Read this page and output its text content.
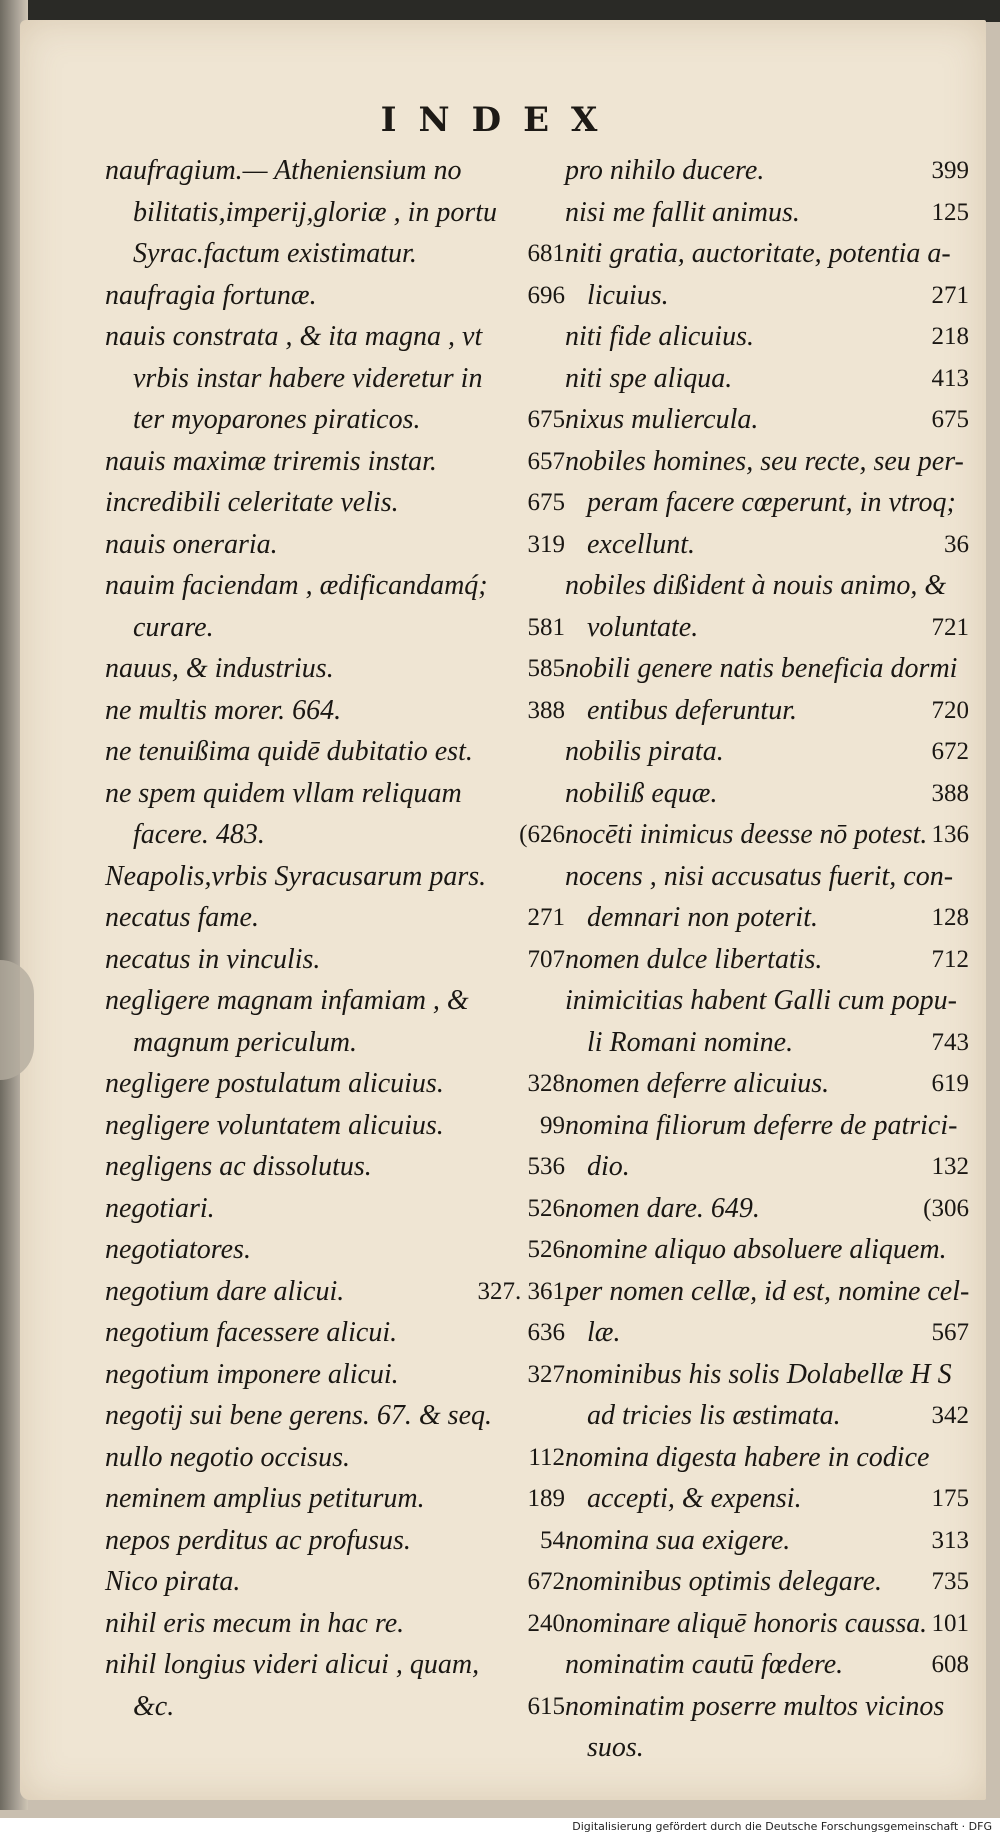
INDEX
naufragium.— Atheniensium no
bilitatis,imperij,gloriæ , in portu
Syrac.factum existimatur.	681
naufragia fortunæ.	696
nauis constrata , & ita magna , vt
vrbis instar habere videretur in
ter myoparones piraticos.	675
nauis maximæ triremis instar.	657
incredibili celeritate velis.	675
nauis oneraria.	319
nauim faciendam , ædificandamq́;
curare.	581
nauus, & industrius.	585
ne multis morer. 664.	388
ne tenuißima quidē dubitatio est.
ne spem quidem vllam reliquam
facere. 483.	(626
Neapolis,vrbis Syracusarum pars.
necatus fame.	271
necatus in vinculis.	707
negligere magnam infamiam , &
magnum periculum.
negligere postulatum alicuius.	328
negligere voluntatem alicuius.	99
negligens ac dissolutus.	536
negotiari.	526
negotiatores.	526
negotium dare alicui.	327. 361
negotium facessere alicui.	636
negotium imponere alicui.	327
negotij sui bene gerens. 67. & seq.
nullo negotio occisus.	112
neminem amplius petiturum.	189
nepos perditus ac profusus.	54
Nico pirata.	672
nihil eris mecum in hac re.	240
nihil longius videri alicui , quam,
&c.	615
pro nihilo ducere.	399
nisi me fallit animus.	125
niti gratia, auctoritate, potentia a-
licuius.	271
niti fide alicuius.	218
niti spe aliqua.	413
nixus muliercula.	675
nobiles homines, seu recte, seu per-
peram facere cœperunt, in vtroq;
excellunt.	36
nobiles dißident à nouis animo, &
voluntate.	721
nobili genere natis beneficia dormi
entibus deferuntur.	720
nobilis pirata.	672
nobiliß equæ.	388
nocēti inimicus deesse nō potest. 136
nocens , nisi accusatus fuerit, con-
demnari non poterit.	128
nomen dulce libertatis.	712
inimicitias habent Galli cum popu-
li Romani nomine.	743
nomen deferre alicuius.	619
nomina filiorum deferre de patrici-
dio.	132
nomen dare. 649.	(306
nomine aliquo absoluere aliquem.
per nomen cellæ, id est, nomine cel-
læ.	567
nominibus his solis Dolabellæ H S
ad tricies lis æstimata.	342
nomina digesta habere in codice
accepti, & expensi.	175
nomina sua exigere.	313
nominibus optimis delegare. 735
nominare aliquē honoris caussa. 101
nominatim cautū fœdere.	608
nominatim poserre multos vicinos
suos.
Digitalisierung gefördert durch die Deutsche Forschungsgemeinschaft · DFG
